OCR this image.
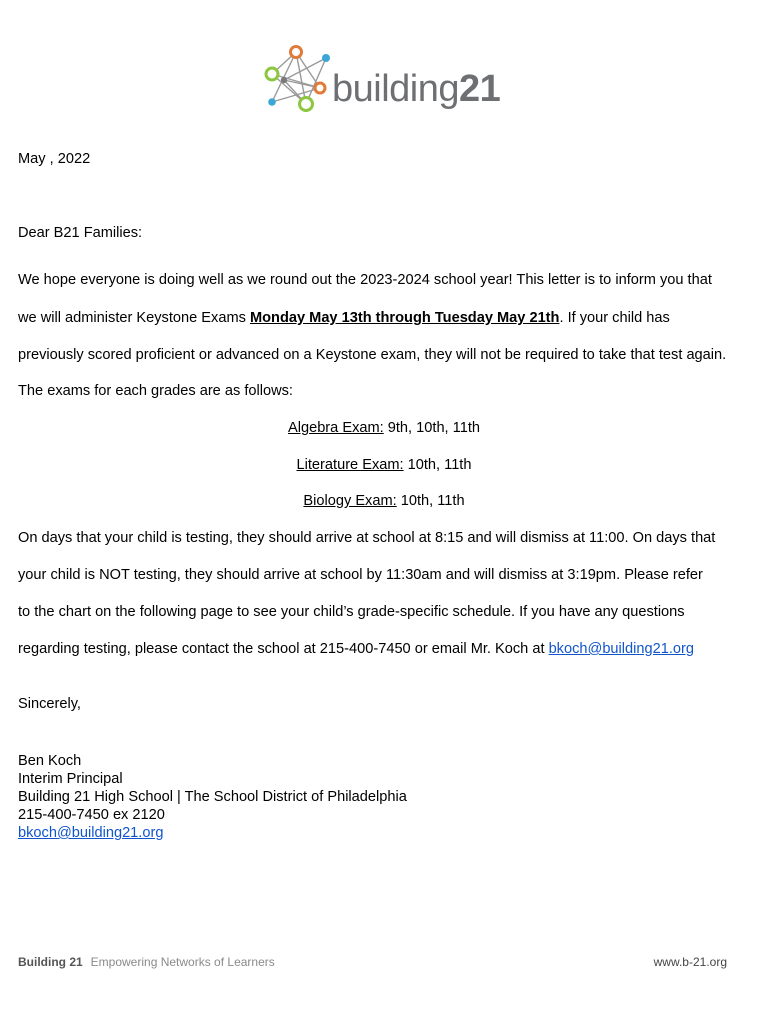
building21
May , 2022
Dear B21 Families:
We hope everyone is doing well as we round out the 2023-2024 school year! This letter is to inform you that
we will administer Keystone Exams Monday May 13th through Tuesday May 21th. If your child has
previously scored proficient or advanced on a Keystone exam, they will not be required to take that test again.
The exams for each grades are as follows:
Algebra Exam: 9th, 10th, 11th
Literature Exam: 10th, 11th
Biology Exam: 10th, 11th
On days that your child is testing, they should arrive at school at 8:15 and will dismiss at 11:00. On days that
your child is NOT testing, they should arrive at school by 11:30am and will dismiss at 3:19pm. Please refer
to the chart on the following page to see your child’s grade-specific schedule. If you have any questions
regarding testing, please contact the school at 215-400-7450 or email Mr. Koch at bkoch@building21.org
Sincerely,
Ben Koch
Interim Principal
Building 21 High School | The School District of Philadelphia
215-400-7450 ex 2120
bkoch@building21.org
Building 21 Empowering Networks of Learners	www.b-21.org
